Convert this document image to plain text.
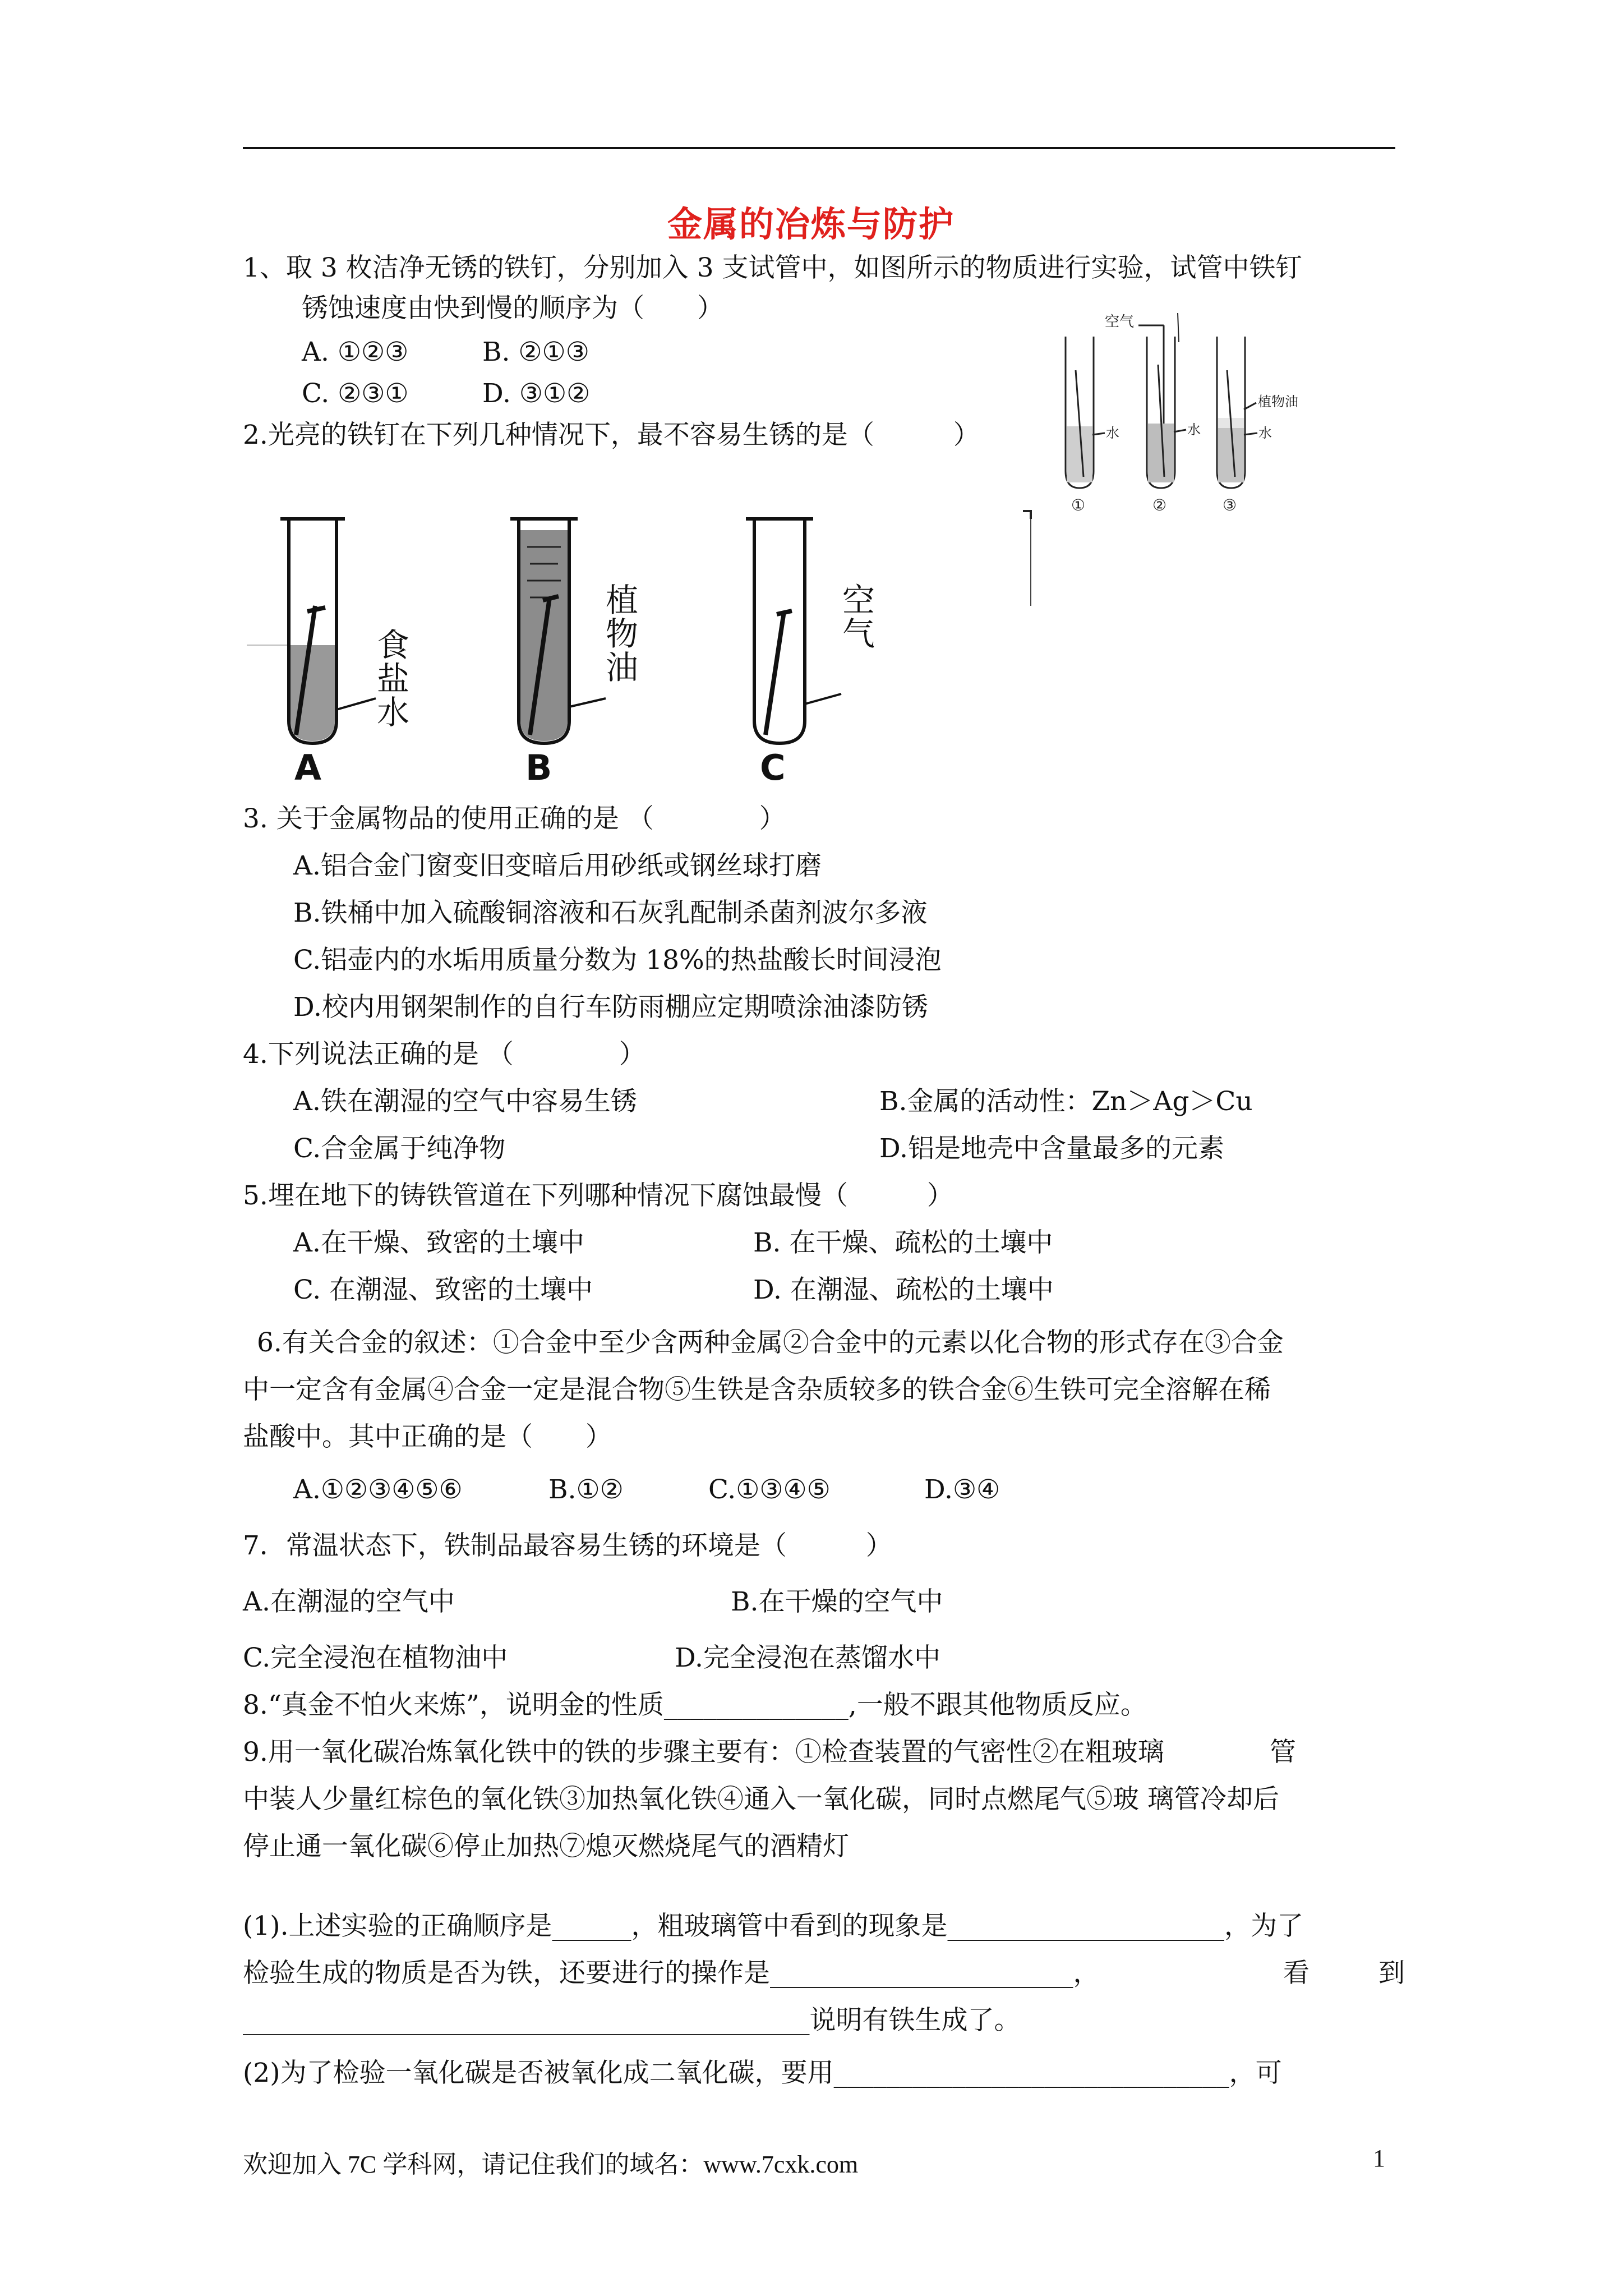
金属的冶炼与防护
1、取 3 枚洁净无锈的铁钉，分别加入 3 支试管中，如图所示的物质进行实验，试管中铁钉
锈蚀速度由快到慢的顺序为（　　）
A. ①②③	B. ②①③
C. ②③①	D. ③①②
空气
植物油
水	水	水
①	②	③
2.光亮的铁钉在下列几种情况下，最不容易生锈的是（　　　）
食
盐
水
植
物
油
空
气
A	B	C
3. 关于金属物品的使用正确的是 （　　　　）
A.铝合金门窗变旧变暗后用砂纸或钢丝球打磨
B.铁桶中加入硫酸铜溶液和石灰乳配制杀菌剂波尔多液
C.铝壶内的水垢用质量分数为 18%的热盐酸长时间浸泡
D.校内用钢架制作的自行车防雨棚应定期喷涂油漆防锈
4.下列说法正确的是 （　　　　）
A.铁在潮湿的空气中容易生锈	B.金属的活动性：Zn＞Ag＞Cu
C.合金属于纯净物	D.铝是地壳中含量最多的元素
5.埋在地下的铸铁管道在下列哪种情况下腐蚀最慢（　　　）
A.在干燥、致密的土壤中	B. 在干燥、疏松的土壤中
C. 在潮湿、致密的土壤中	D. 在潮湿、疏松的土壤中
6.有关合金的叙述：①合金中至少含两种金属②合金中的元素以化合物的形式存在③合金
中一定含有金属④合金一定是混合物⑤生铁是含杂质较多的铁合金⑥生铁可完全溶解在稀
盐酸中。其中正确的是（　　）
A.①②③④⑤⑥	B.①②	C.①③④⑤	D.③④
7．常温状态下，铁制品最容易生锈的环境是（　　　）
A.在潮湿的空气中	B.在干燥的空气中
C.完全浸泡在植物油中	D.完全浸泡在蒸馏水中
8.“真金不怕火来炼”，说明金的性质______________,一般不跟其他物质反应。
9.用一氧化碳冶炼氧化铁中的铁的步骤主要有：①检查装置的气密性②在粗玻璃　　　　管
中装人少量红棕色的氧化铁③加热氧化铁④通入一氧化碳，同时点燃尾气⑤玻 璃管冷却后
停止通一氧化碳⑥停止加热⑦熄灭燃烧尾气的酒精灯
(1).上述实验的正确顺序是______，粗玻璃管中看到的现象是_____________________，为了
检验生成的物质是否为铁，还要进行的操作是_______________________，	看	到
___________________________________________说明有铁生成了。
(2)为了检验一氧化碳是否被氧化成二氧化碳，要用______________________________，可
欢迎加入 7C 学科网，请记住我们的域名：www.7cxk.com	1
